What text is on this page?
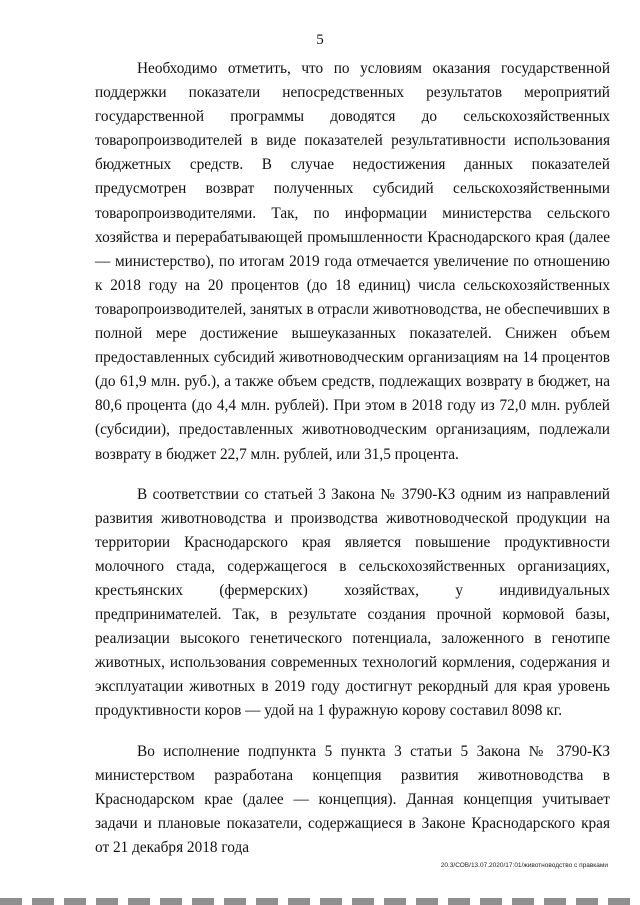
5

Необходимо отметить, что по условиям оказания государственной поддержки показатели непосредственных результатов мероприятий государственной программы доводятся до сельскохозяйственных товаропроизводителей в виде показателей результативности использования бюджетных средств. В случае недостижения данных показателей предусмотрен возврат полученных субсидий сельскохозяйственными товаропроизводителями. Так, по информации министерства сельского хозяйства и перерабатывающей промышленности Краснодарского края (далее — министерство), по итогам 2019 года отмечается увеличение по отношению к 2018 году на 20 процентов (до 18 единиц) числа сельскохозяйственных товаропроизводителей, занятых в отрасли животноводства, не обеспечивших в полной мере достижение вышеуказанных показателей. Снижен объем предоставленных субсидий животноводческим организациям на 14 процентов (до 61,9 млн. руб.), а также объем средств, подлежащих возврату в бюджет, на 80,6 процента (до 4,4 млн. рублей). При этом в 2018 году из 72,0 млн. рублей (субсидии), предоставленных животноводческим организациям, подлежали возврату в бюджет 22,7 млн. рублей, или 31,5 процента.

В соответствии со статьей 3 Закона № 3790-КЗ одним из направлений развития животноводства и производства животноводческой продукции на территории Краснодарского края является повышение продуктивности молочного стада, содержащегося в сельскохозяйственных организациях, крестьянских (фермерских) хозяйствах, у индивидуальных предпринимателей. Так, в результате создания прочной кормовой базы, реализации высокого генетического потенциала, заложенного в генотипе животных, использования современных технологий кормления, содержания и эксплуатации животных в 2019 году достигнут рекордный для края уровень продуктивности коров — удой на 1 фуражную корову составил 8098 кг.

Во исполнение подпункта 5 пункта 3 статьи 5 Закона № 3790-КЗ министерством разработана концепция развития животноводства в Краснодарском крае (далее — концепция). Данная концепция учитывает задачи и плановые показатели, содержащиеся в Законе Краснодарского края от 21 декабря 2018 года

20.3/СОВ/13.07.2020/17:01/животноводство с правками
